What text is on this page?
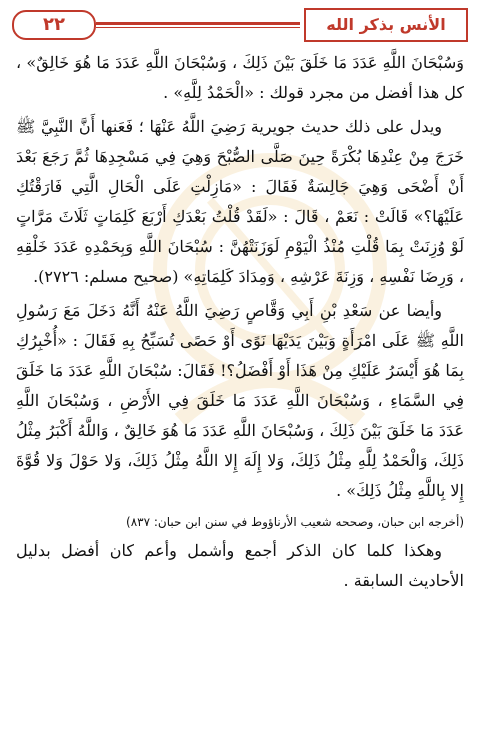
٢٢	الأنس بذكر الله

وَسُبْحَانَ اللَّهِ عَدَدَ مَا خَلَقَ بَيْنَ ذَلِكَ ، وَسُبْحَانَ اللَّهِ عَدَدَ مَا هُوَ خَالِقٌ» ، كل هذا أفضل من مجرد قولك : «الْحَمْدُ لِلَّهِ» .

ويدل على ذلك حديث جويرية رَضِيَ اللَّهُ عَنْهَا ؛ فَعَنها أَنَّ النَّبِيَّ ﷺ خَرَجَ مِنْ عِنْدِهَا بُكْرَةً حِينَ صَلَّى الصُّبْحَ وَهِيَ فِي مَسْجِدِهَا ثُمَّ رَجَعَ بَعْدَ أَنْ أَضْحَى وَهِيَ جَالِسَةٌ فَقَالَ : «مَازِلْتِ عَلَى الْحَالِ الَّتِي فَارَقْتُكِ عَلَيْهَا؟» قَالَتْ : نَعَمْ ، قَالَ : «لَقَدْ قُلْتُ بَعْدَكِ أَرْبَعَ كَلِمَاتٍ ثَلَاثَ مَرَّاتٍ لَوْ وُزِنَتْ بِمَا قُلْتِ مُنْذُ الْيَوْمِ لَوَزَنَتْهُنَّ : سُبْحَانَ اللَّهِ وَبِحَمْدِهِ عَدَدَ خَلْقِهِ ، وَرِضَا نَفْسِهِ ، وَزِنَةَ عَرْشِهِ ، وَمِدَادَ كَلِمَاتِهِ» (صحيح مسلم: ٢٧٢٦).

وأيضا عن سَعْدِ بْنِ أَبِي وَقَّاصٍ رَضِيَ اللَّهُ عَنْهُ أَنَّهُ دَخَلَ مَعَ رَسُولِ اللَّهِ ﷺ عَلَى امْرَأَةٍ وَبَيْنَ يَدَيْهَا نَوًى أَوْ حَصًى تُسَبِّحُ بِهِ فَقَالَ : «أُخْبِرُكِ بِمَا هُوَ أَيْسَرُ عَلَيْكِ مِنْ هَذَا أَوْ أَفْضَلُ؟! فَقَالَ: سُبْحَانَ اللَّهِ عَدَدَ مَا خَلَقَ فِي السَّمَاءِ ، وَسُبْحَانَ اللَّهِ عَدَدَ مَا خَلَقَ فِي الأَرْضِ ، وَسُبْحَانَ اللَّهِ عَدَدَ مَا خَلَقَ بَيْنَ ذَلِكَ ، وَسُبْحَانَ اللَّهِ عَدَدَ مَا هُوَ خَالِقٌ ، وَاللَّهُ أَكْبَرُ مِثْلُ ذَلِكَ، وَالْحَمْدُ لِلَّهِ مِثْلُ ذَلِكَ، وَلا إِلَهَ إِلا اللَّهُ مِثْلُ ذَلِكَ، وَلا حَوْلَ وَلا قُوَّةَ إِلا بِاللَّهِ مِثْلُ ذَلِكَ» .

(أخرجه ابن حبان، وصححه شعيب الأرناؤوط في سنن ابن حبان: ٨٣٧)

وهكذا كلما كان الذكر أجمع وأشمل وأعم كان أفضل بدليل الأحاديث السابقة .
